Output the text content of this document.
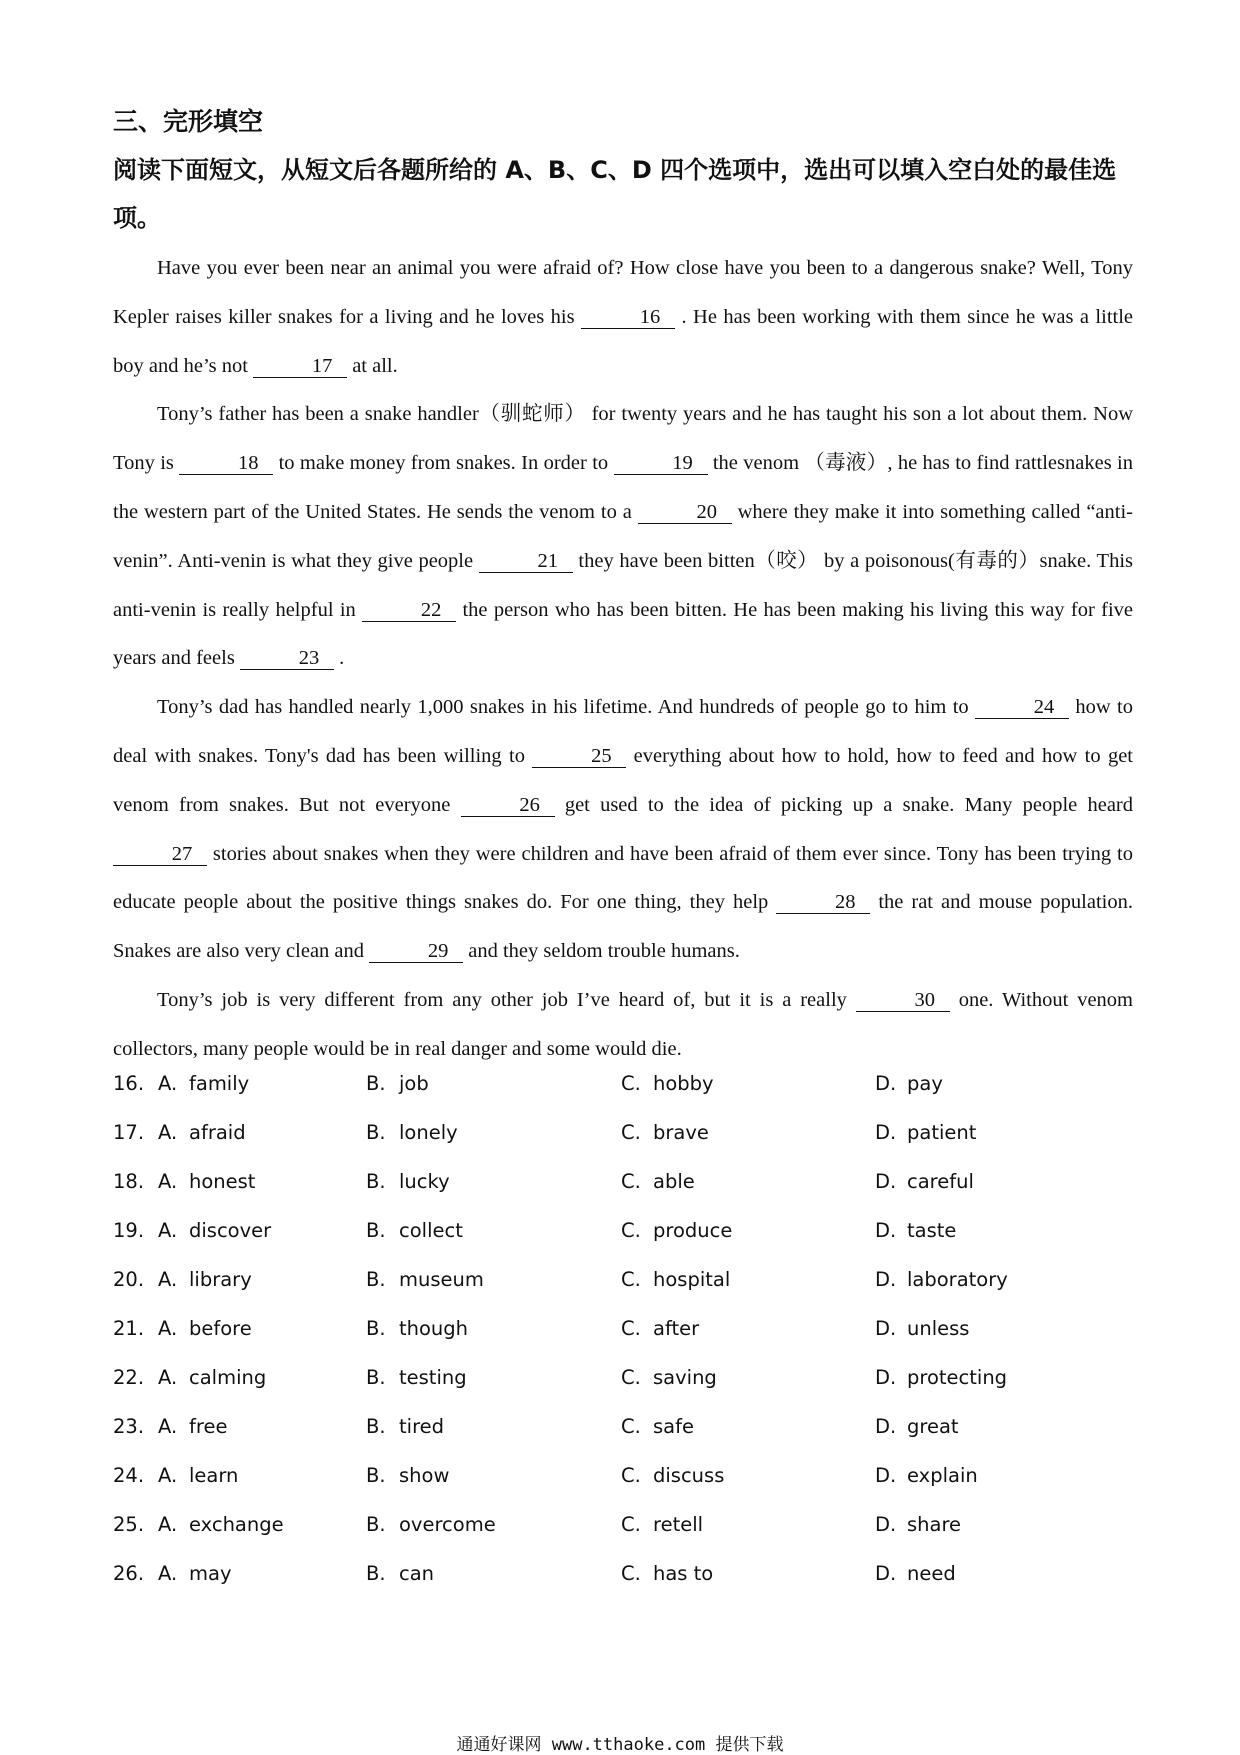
三、完形填空

阅读下面短文，从短文后各题所给的 A、B、C、D 四个选项中，选出可以填入空白处的最佳选项。

Have you ever been near an animal you were afraid of? How close have you been to a dangerous snake? Well, Tony Kepler raises killer snakes for a living and he loves his	16 . He has been working with them since he was a little boy and he’s not	17 at all.

Tony’s father has been a snake handler（驯蛇师） for twenty years and he has taught his son a lot about them. Now Tony is	18 to make money from snakes. In order to	19 the venom （毒液）, he has to find rattlesnakes in the western part of the United States. He sends the venom to a	20 where they make it into something called “anti-venin”. Anti-venin is what they give people	21 they have been bitten（咬） by a poisonous(有毒的）snake. This anti-venin is really helpful in	22 the person who has been bitten. He has been making his living this way for five years and feels	23 .

Tony’s dad has handled nearly 1,000 snakes in his lifetime. And hundreds of people go to him to	24 how to deal with snakes. Tony's dad has been willing to	25 everything about how to hold, how to feed and how to get venom from snakes. But not everyone	26 get used to the idea of picking up a snake. Many people heard 27 stories about snakes when they were children and have been afraid of them ever since. Tony has been trying to educate people about the positive things snakes do. For one thing, they help	28 the rat and mouse population. Snakes are also very clean and	29 and they seldom trouble humans.

Tony’s job is very different from any other job I’ve heard of, but it is a really	30 one. Without venom collectors, many people would be in real danger and some would die.

16. A. family	B. job	C. hobby	D. pay
17. A. afraid	B. lonely	C. brave	D. patient
18. A. honest	B. lucky	C. able	D. careful
19. A. discover	B. collect	C. produce	D. taste
20. A. library	B. museum	C. hospital	D. laboratory
21. A. before	B. though	C. after	D. unless
22. A. calming	B. testing	C. saving	D. protecting
23. A. free	B. tired	C. safe	D. great
24. A. learn	B. show	C. discuss	D. explain
25. A. exchange	B. overcome	C. retell	D. share
26. A. may	B. can	C. has to	D. need
通通好课网 www.tthaoke.com 提供下载
